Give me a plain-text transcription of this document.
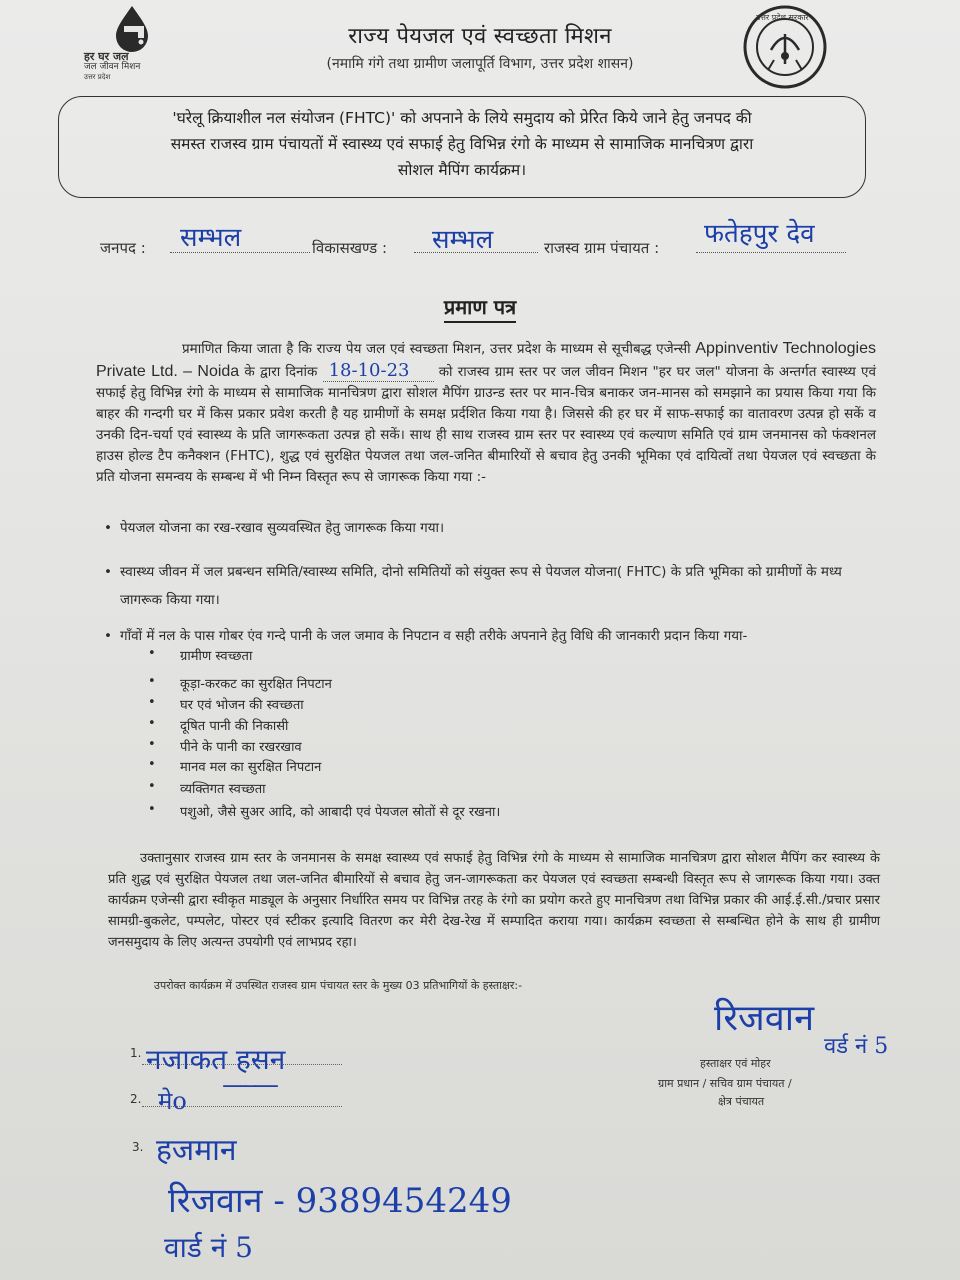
हर घर जल
जल जीवन मिशन
उत्तर प्रदेश
राज्य पेयजल एवं स्वच्छता मिशन
(नमामि गंगे तथा ग्रामीण जलापूर्ति विभाग, उत्तर प्रदेश शासन)
उत्तर प्रदेश सरकार
'घरेलू क्रियाशील नल संयोजन (FHTC)' को अपनाने के लिये समुदाय को प्रेरित किये जाने हेतु जनपद की
समस्त राजस्व ग्राम पंचायतों में स्वास्थ्य एवं सफाई हेतु विभिन्न रंगो के माध्यम से सामाजिक मानचित्रण द्वारा
सोशल मैपिंग कार्यक्रम।
जनपद : सम्भल	विकासखण्ड : सम्भल	राजस्व ग्राम पंचायत : फतेहपुर देव
प्रमाण पत्र
प्रमाणित किया जाता है कि राज्य पेय जल एवं स्वच्छता मिशन, उत्तर प्रदेश के माध्यम से सूचीबद्ध एजेन्सी Appinventiv Technologies Private Ltd. – Noida के द्वारा दिनांक 18-10-23 को राजस्व ग्राम स्तर पर जल जीवन मिशन "हर घर जल" योजना के अन्तर्गत स्वास्थ्य एवं सफाई हेतु विभिन्न रंगो के माध्यम से सामाजिक मानचित्रण द्वारा सोशल मैपिंग ग्राउन्ड स्तर पर मान-चित्र बनाकर जन-मानस को समझाने का प्रयास किया गया कि बाहर की गन्दगी घर में किस प्रकार प्रवेश करती है यह ग्रामीणों के समक्ष प्रर्दशित किया गया है। जिससे की हर घर में साफ-सफाई का वातावरण उत्पन्न हो सकें व उनकी दिन-चर्या एवं स्वास्थ्य के प्रति जागरूकता उत्पन्न हो सकें। साथ ही साथ राजस्व ग्राम स्तर पर स्वास्थ्य एवं कल्याण समिति एवं ग्राम जनमानस को फंक्शनल हाउस होल्ड टैप कनैक्शन (FHTC), शुद्ध एवं सुरक्षित पेयजल तथा जल-जनित बीमारियों से बचाव हेतु उनकी भूमिका एवं दायित्वों तथा पेयजल एवं स्वच्छता के प्रति योजना समन्वय के सम्बन्ध में भी निम्न विस्तृत रूप से जागरूक किया गया :-
• पेयजल योजना का रख-रखाव सुव्यवस्थित हेतु जागरूक किया गया।
• स्वास्थ्य जीवन में जल प्रबन्धन समिति/स्वास्थ्य समिति, दोनो समितियों को संयुक्त रूप से पेयजल योजना( FHTC) के प्रति भूमिका को ग्रामीणों के मध्य जागरूक किया गया।
• गाँवों में नल के पास गोबर एंव गन्दे पानी के जल जमाव के निपटान व सही तरीके अपनाने हेतु विधि की जानकारी प्रदान किया गया-
• ग्रामीण स्वच्छता
• कूड़ा-करकट का सुरक्षित निपटान
• घर एवं भोजन की स्वच्छता
• दूषित पानी की निकासी
• पीने के पानी का रखरखाव
• मानव मल का सुरक्षित निपटान
• व्यक्तिगत स्वच्छता
• पशुओ, जैसे सुअर आदि, को आबादी एवं पेयजल स्रोतों से दूर रखना।
उक्तानुसार राजस्व ग्राम स्तर के जनमानस के समक्ष स्वास्थ्य एवं सफाई हेतु विभिन्न रंगो के माध्यम से सामाजिक मानचित्रण द्वारा सोशल मैपिंग कर स्वास्थ्य के प्रति शुद्ध एवं सुरक्षित पेयजल तथा जल-जनित बीमारियों से बचाव हेतु जन-जागरूकता कर पेयजल एवं स्वच्छता सम्बन्धी विस्तृत रूप से जागरूक किया गया। उक्त कार्यक्रम एजेन्सी द्वारा स्वीकृत माड्यूल के अनुसार निर्धारित समय पर विभिन्न तरह के रंगो का प्रयोग करते हुए मानचित्रण तथा विभिन्न प्रकार की आई.ई.सी./प्रचार प्रसार सामग्री-बुकलेट, पम्पलेट, पोस्टर एवं स्टीकर इत्यादि वितरण कर मेरी देख-रेख में सम्पादित कराया गया। कार्यक्रम स्वच्छता से सम्बन्धित होने के साथ ही ग्रामीण जनसमुदाय के लिए अत्यन्त उपयोगी एवं लाभप्रद रहा।
उपरोक्त कार्यक्रम में उपस्थित राजस्व ग्राम पंचायत स्तर के मुख्य 03 प्रतिभागियों के हस्ताक्षर:-
रिजवान
वर्ड नं 5
हस्ताक्षर एवं मोहर
ग्राम प्रधान / सचिव ग्राम पंचायत /
क्षेत्र पंचायत
1. नजाकत हसन
2. मेo
—–—
3. हजमान
रिजवान - 9389454249
वार्ड नं 5
